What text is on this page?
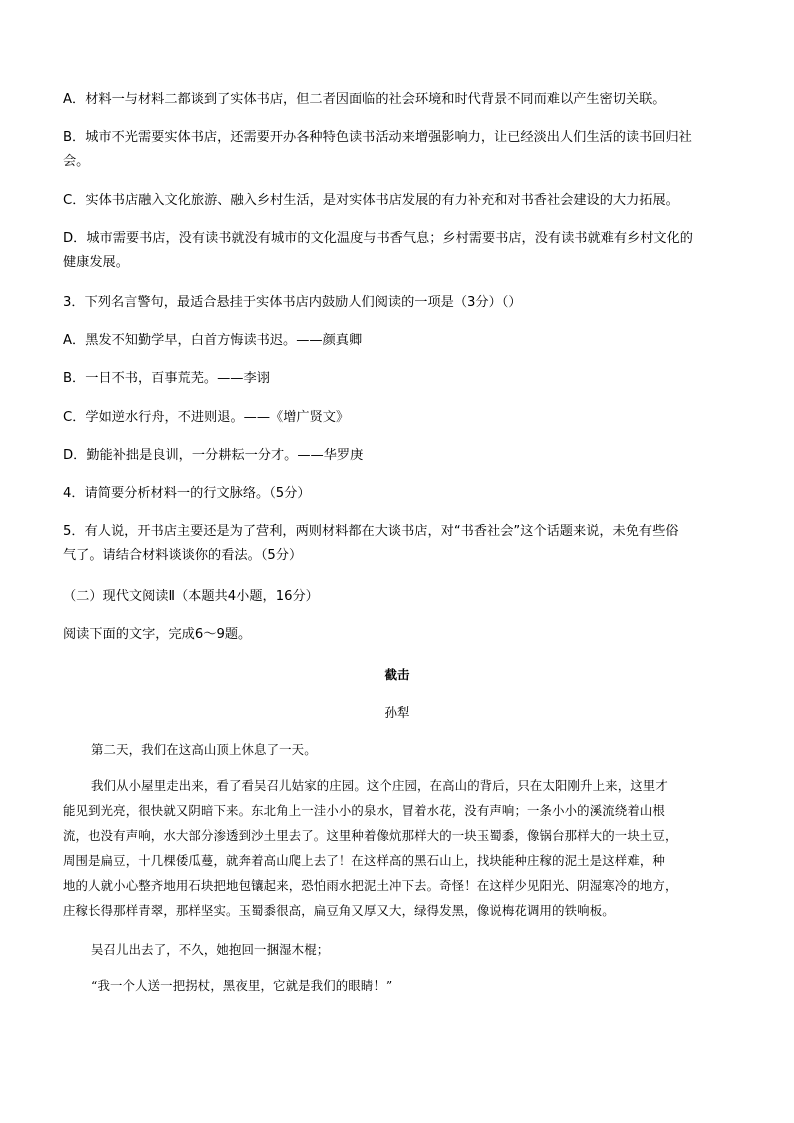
A．材料一与材料二都谈到了实体书店，但二者因面临的社会环境和时代背景不同而难以产生密切关联。
B．城市不光需要实体书店，还需要开办各种特色读书活动来增强影响力，让已经淡出人们生活的读书回归社
会。
C．实体书店融入文化旅游、融入乡村生活，是对实体书店发展的有力补充和对书香社会建设的大力拓展。
D．城市需要书店，没有读书就没有城市的文化温度与书香气息；乡村需要书店，没有读书就难有乡村文化的
健康发展。
3．下列名言警句，最适合悬挂于实体书店内鼓励人们阅读的一项是（3分）（）
A．黑发不知勤学早，白首方悔读书迟。——颜真卿
B．一日不书，百事荒芜。——李诩
C．学如逆水行舟，不进则退。——《增广贤文》
D．勤能补拙是良训，一分耕耘一分才。——华罗庚
4．请简要分析材料一的行文脉络。（5分）
5．有人说，开书店主要还是为了营利，两则材料都在大谈书店，对“书香社会”这个话题来说，未免有些俗
气了。请结合材料谈谈你的看法。（5分）
（二）现代文阅读Ⅱ（本题共4小题，16分）
阅读下面的文字，完成6～9题。
截击
孙犁
第二天，我们在这高山顶上休息了一天。
我们从小屋里走出来，看了看吴召儿姑家的庄园。这个庄园，在高山的背后，只在太阳刚升上来，这里才
能见到光亮，很快就又阴暗下来。东北角上一洼小小的泉水，冒着水花，没有声响；一条小小的溪流绕着山根
流，也没有声响，水大部分渗透到沙土里去了。这里种着像炕那样大的一块玉蜀黍，像锅台那样大的一块土豆，
周围是扁豆，十几棵倭瓜蔓，就奔着高山爬上去了！在这样高的黑石山上，找块能种庄稼的泥土是这样难，种
地的人就小心整齐地用石块把地包镶起来，恐怕雨水把泥土冲下去。奇怪！在这样少见阳光、阴湿寒冷的地方，
庄稼长得那样青翠，那样坚实。玉蜀黍很高，扁豆角又厚又大，绿得发黑，像说梅花调用的铁响板。
吴召儿出去了，不久，她抱回一捆湿木棍；
“我一个人送一把拐杖，黑夜里，它就是我们的眼睛！”
